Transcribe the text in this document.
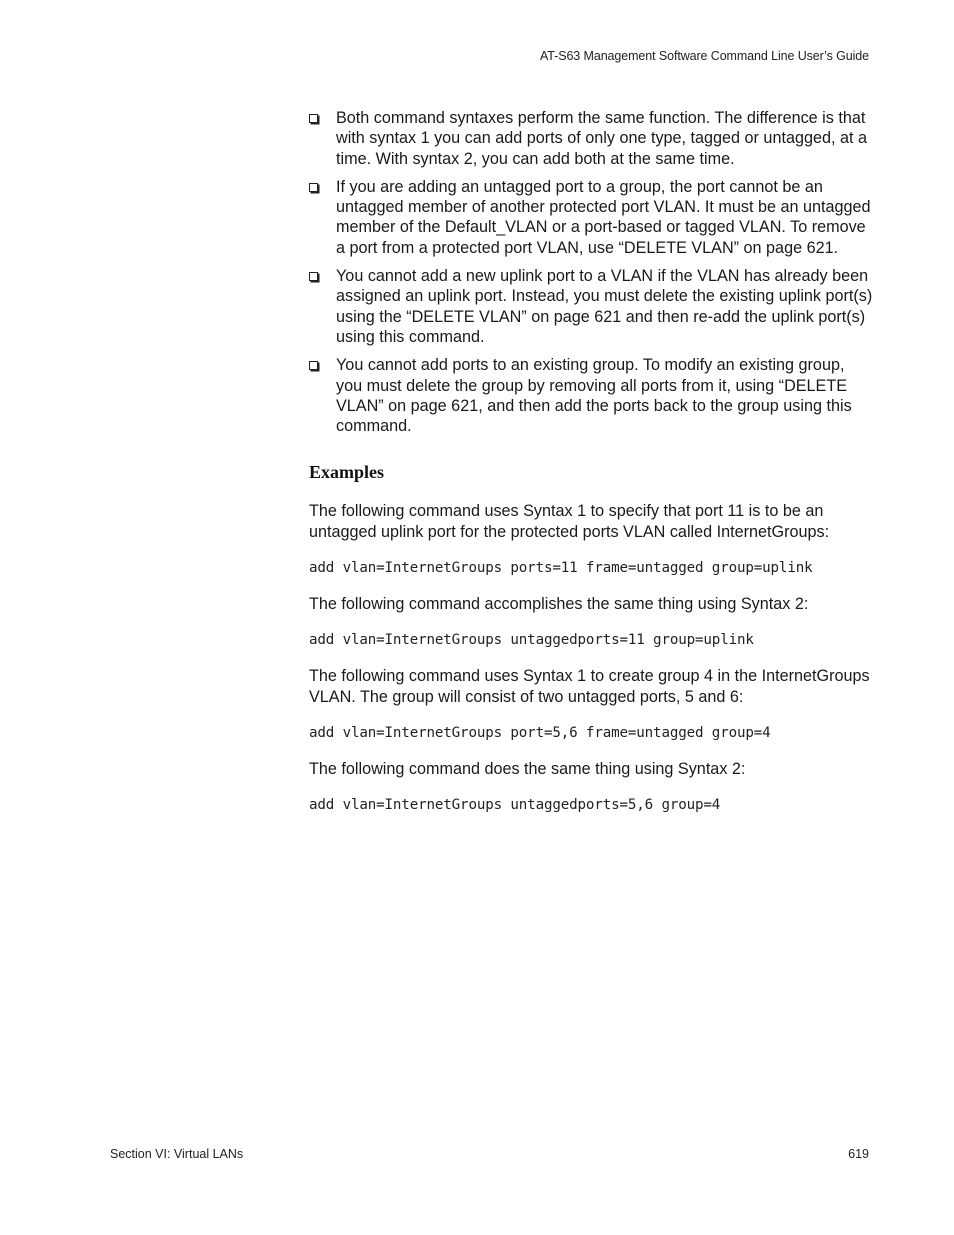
AT-S63 Management Software Command Line User’s Guide
Both command syntaxes perform the same function. The difference is that with syntax 1 you can add ports of only one type, tagged or untagged, at a time. With syntax 2, you can add both at the same time.
If you are adding an untagged port to a group, the port cannot be an untagged member of another protected port VLAN. It must be an untagged member of the Default_VLAN or a port-based or tagged VLAN. To remove a port from a protected port VLAN, use “DELETE VLAN” on page 621.
You cannot add a new uplink port to a VLAN if the VLAN has already been assigned an uplink port. Instead, you must delete the existing uplink port(s) using the “DELETE VLAN” on page 621 and then re-add the uplink port(s) using this command.
You cannot add ports to an existing group. To modify an existing group, you must delete the group by removing all ports from it, using “DELETE VLAN” on page 621, and then add the ports back to the group using this command.
Examples

The following command uses Syntax 1 to specify that port 11 is to be an untagged uplink port for the protected ports VLAN called InternetGroups:

add vlan=InternetGroups ports=11 frame=untagged group=uplink

The following command accomplishes the same thing using Syntax 2:

add vlan=InternetGroups untaggedports=11 group=uplink

The following command uses Syntax 1 to create group 4 in the InternetGroups VLAN. The group will consist of two untagged ports, 5 and 6:

add vlan=InternetGroups port=5,6 frame=untagged group=4

The following command does the same thing using Syntax 2:

add vlan=InternetGroups untaggedports=5,6 group=4
Section VI: Virtual LANs	619
